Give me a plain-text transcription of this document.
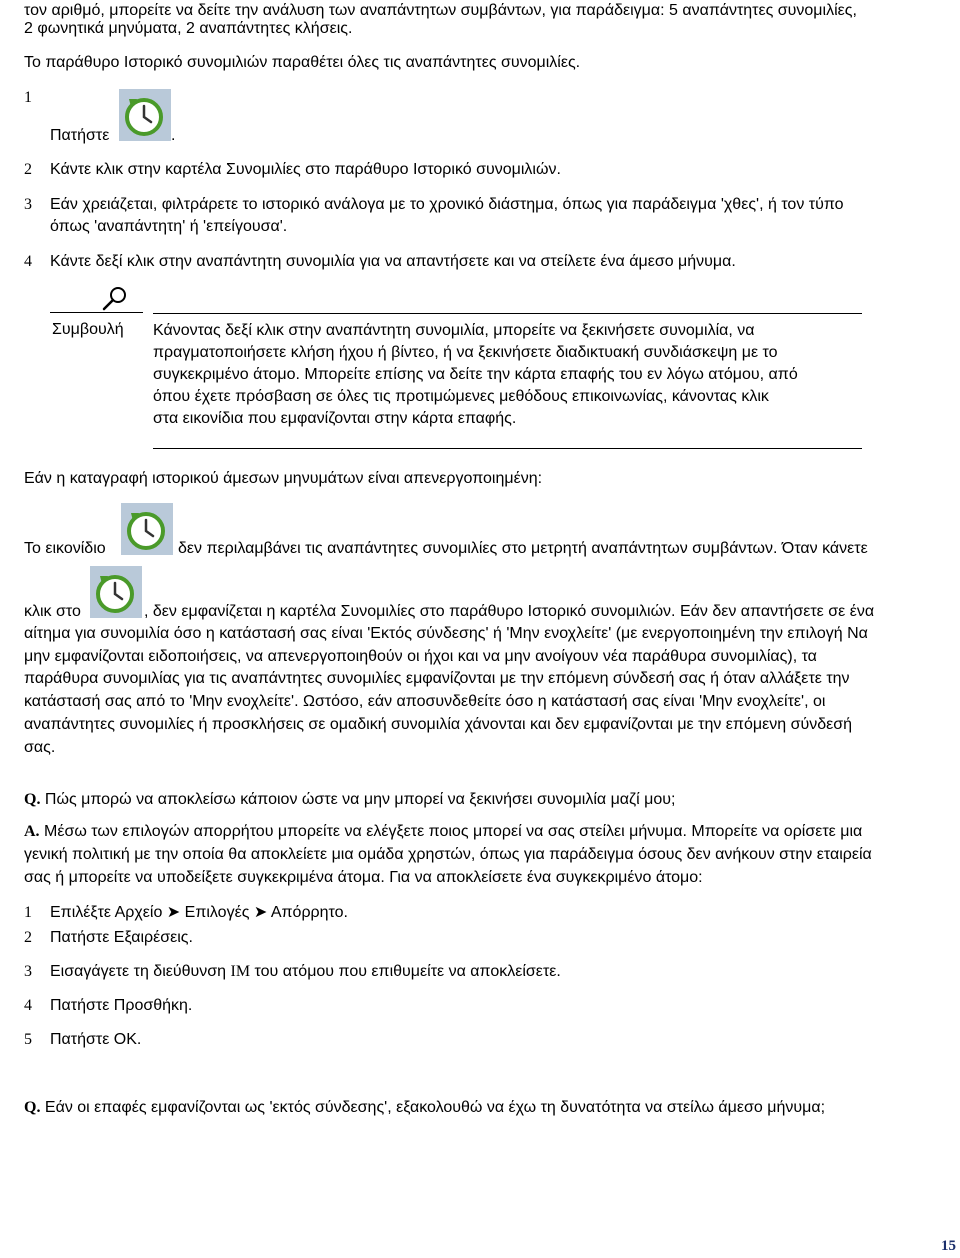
τον αριθμό, μπορείτε να δείτε την ανάλυση των αναπάντητων συμβάντων, για παράδειγμα: 5 αναπάντητες συνομιλίες,
2 φωνητικά μηνύματα, 2 αναπάντητες κλήσεις.
Το παράθυρο Ιστορικό συνομιλιών παραθέτει όλες τις αναπάντητες συνομιλίες.
1
Πατήστε	.
2 Κάντε κλικ στην καρτέλα Συνομιλίες στο παράθυρο Ιστορικό συνομιλιών.
3 Εάν χρειάζεται, φιλτράρετε το ιστορικό ανάλογα με το χρονικό διάστημα, όπως για παράδειγμα 'χθες', ή τον τύπο
όπως 'αναπάντητη' ή 'επείγουσα'.
4 Κάντε δεξί κλικ στην αναπάντητη συνομιλία για να απαντήσετε και να στείλετε ένα άμεσο μήνυμα.
Συμβουλή Κάνοντας δεξί κλικ στην αναπάντητη συνομιλία, μπορείτε να ξεκινήσετε συνομιλία, να
πραγματοποιήσετε κλήση ήχου ή βίντεο, ή να ξεκινήσετε διαδικτυακή συνδιάσκεψη με το
συγκεκριμένο άτομο. Μπορείτε επίσης να δείτε την κάρτα επαφής του εν λόγω ατόμου, από
όπου έχετε πρόσβαση σε όλες τις προτιμώμενες μεθόδους επικοινωνίας, κάνοντας κλικ
στα εικονίδια που εμφανίζονται στην κάρτα επαφής.
Εάν η καταγραφή ιστορικού άμεσων μηνυμάτων είναι απενεργοποιημένη:
Το εικονίδιο	δεν περιλαμβάνει τις αναπάντητες συνομιλίες στο μετρητή αναπάντητων συμβάντων. Όταν κάνετε
κλικ στο	, δεν εμφανίζεται η καρτέλα Συνομιλίες στο παράθυρο Ιστορικό συνομιλιών. Εάν δεν απαντήσετε σε ένα
αίτημα για συνομιλία όσο η κατάστασή σας είναι 'Εκτός σύνδεσης' ή 'Μην ενοχλείτε' (με ενεργοποιημένη την επιλογή Να
μην εμφανίζονται ειδοποιήσεις, να απενεργοποιηθούν οι ήχοι και να μην ανοίγουν νέα παράθυρα συνομιλίας), τα
παράθυρα συνομιλίας για τις αναπάντητες συνομιλίες εμφανίζονται με την επόμενη σύνδεσή σας ή όταν αλλάξετε την
κατάστασή σας από το 'Μην ενοχλείτε'. Ωστόσο, εάν αποσυνδεθείτε όσο η κατάστασή σας είναι 'Μην ενοχλείτε', οι
αναπάντητες συνομιλίες ή προσκλήσεις σε ομαδική συνομιλία χάνονται και δεν εμφανίζονται με την επόμενη σύνδεσή
σας.
Q. Πώς μπορώ να αποκλείσω κάποιον ώστε να μην μπορεί να ξεκινήσει συνομιλία μαζί μου;
A. Μέσω των επιλογών απορρήτου μπορείτε να ελέγξετε ποιος μπορεί να σας στείλει μήνυμα. Μπορείτε να ορίσετε μια
γενική πολιτική με την οποία θα αποκλείετε μια ομάδα χρηστών, όπως για παράδειγμα όσους δεν ανήκουν στην εταιρεία
σας ή μπορείτε να υποδείξετε συγκεκριμένα άτομα. Για να αποκλείσετε ένα συγκεκριμένο άτομο:
1 Επιλέξτε Αρχείο ➤ Επιλογές ➤ Απόρρητο.
2 Πατήστε Εξαιρέσεις.
3 Εισαγάγετε τη διεύθυνση IM του ατόμου που επιθυμείτε να αποκλείσετε.
4 Πατήστε Προσθήκη.
5 Πατήστε OK.
Q. Εάν οι επαφές εμφανίζονται ως 'εκτός σύνδεσης', εξακολουθώ να έχω τη δυνατότητα να στείλω άμεσο μήνυμα;
15
